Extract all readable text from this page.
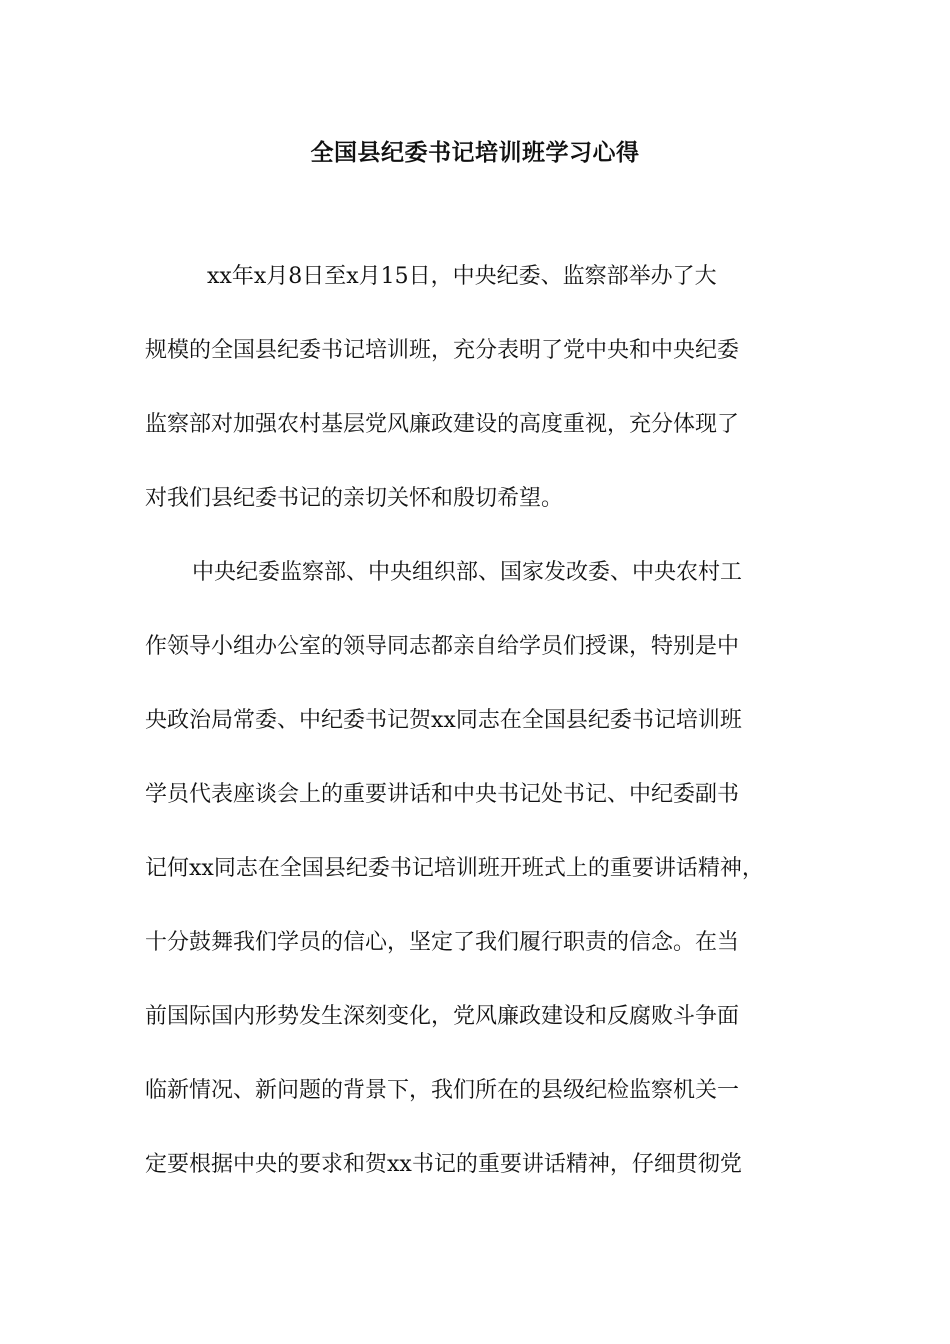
全国县纪委书记培训班学习心得
xx年x月8日至x月15日，中央纪委、监察部举办了大
规模的全国县纪委书记培训班，充分表明了党中央和中央纪委
监察部对加强农村基层党风廉政建设的高度重视，充分体现了
对我们县纪委书记的亲切关怀和殷切希望。
中央纪委监察部、中央组织部、国家发改委、中央农村工
作领导小组办公室的领导同志都亲自给学员们授课，特别是中
央政治局常委、中纪委书记贺xx同志在全国县纪委书记培训班
学员代表座谈会上的重要讲话和中央书记处书记、中纪委副书
记何xx同志在全国县纪委书记培训班开班式上的重要讲话精神，
十分鼓舞我们学员的信心，坚定了我们履行职责的信念。在当
前国际国内形势发生深刻变化，党风廉政建设和反腐败斗争面
临新情况、新问题的背景下，我们所在的县级纪检监察机关一
定要根据中央的要求和贺xx书记的重要讲话精神，仔细贯彻党
